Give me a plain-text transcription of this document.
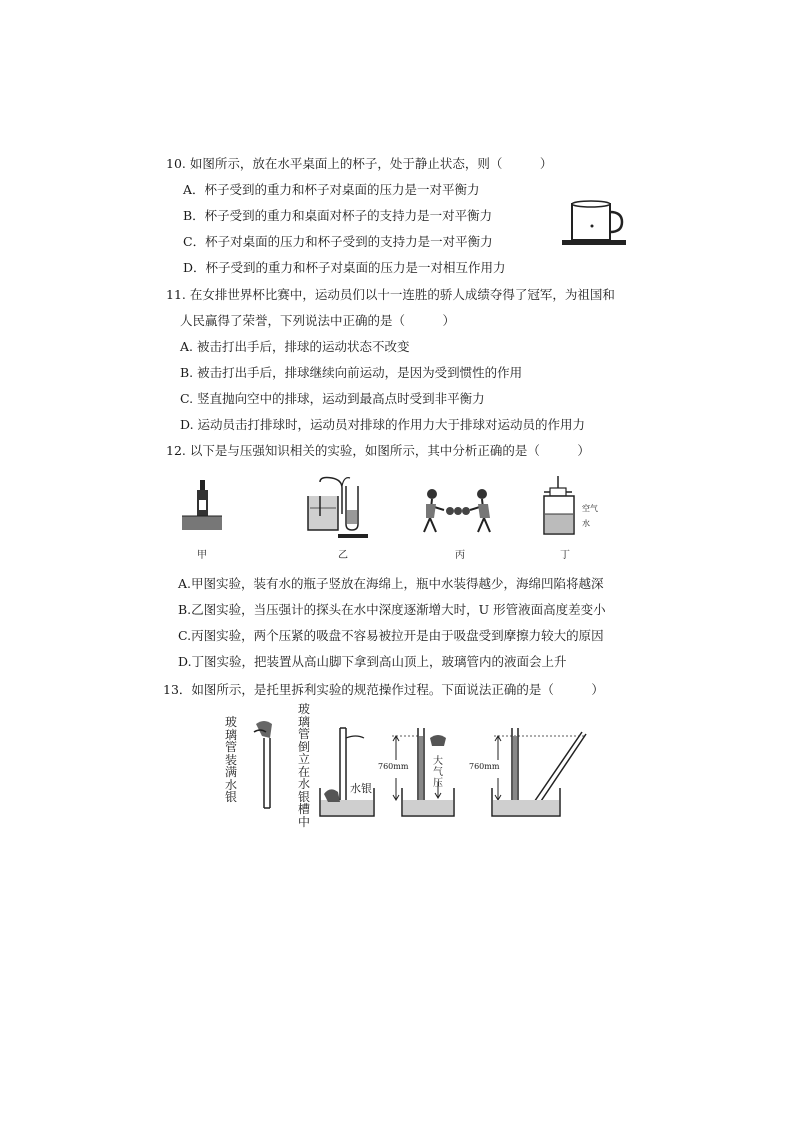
10. 如图所示，放在水平桌面上的杯子，处于静止状态，则（　　　）
A．杯子受到的重力和杯子对桌面的压力是一对平衡力
B．杯子受到的重力和桌面对杯子的支持力是一对平衡力
C．杯子对桌面的压力和杯子受到的支持力是一对平衡力
D．杯子受到的重力和杯子对桌面的压力是一对相互作用力
11. 在女排世界杯比赛中，运动员们以十一连胜的骄人成绩夺得了冠军，为祖国和
人民赢得了荣誉，下列说法中正确的是（　　　）
A. 被击打出手后，排球的运动状态不改变
B. 被击打出手后，排球继续向前运动，是因为受到惯性的作用
C. 竖直抛向空中的排球，运动到最高点时受到非平衡力
D. 运动员击打排球时，运动员对排球的作用力大于排球对运动员的作用力
12. 以下是与压强知识相关的实验，如图所示，其中分析正确的是（　　　）
甲	乙	丙
空气
水
丁
A.甲图实验，装有水的瓶子竖放在海绵上，瓶中水装得越少，海绵凹陷将越深
B.乙图实验，当压强计的探头在水中深度逐渐增大时，U 形管液面高度差变小
C.丙图实验，两个压紧的吸盘不容易被拉开是由于吸盘受到摩擦力较大的原因
D.丁图实验，把装置从高山脚下拿到高山顶上，玻璃管内的液面会上升
13．如图所示，是托里拆利实验的规范操作过程。下面说法正确的是（　　　）
玻璃管装满水银
玻璃管倒立在水银槽中
水银
760mm 大气压
760mm
